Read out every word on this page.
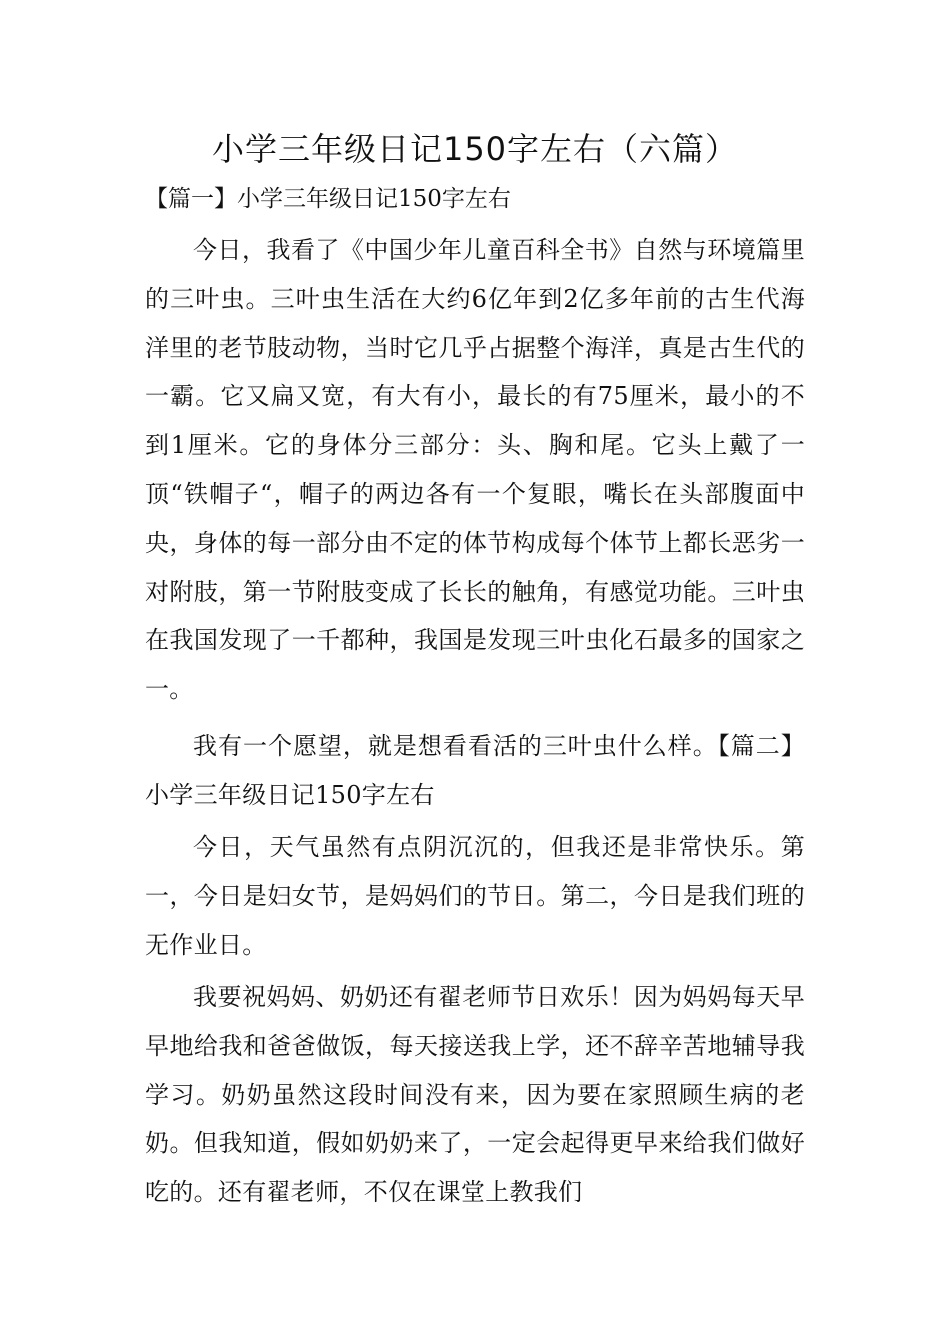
小学三年级日记150字左右（六篇）

【篇一】小学三年级日记150字左右

今日，我看了《中国少年儿童百科全书》自然与环境篇里的三叶虫。三叶虫生活在大约6亿年到2亿多年前的古生代海洋里的老节肢动物，当时它几乎占据整个海洋，真是古生代的一霸。它又扁又宽，有大有小，最长的有75厘米，最小的不到1厘米。它的身体分三部分：头、胸和尾。它头上戴了一顶“铁帽子“，帽子的两边各有一个复眼，嘴长在头部腹面中央，身体的每一部分由不定的体节构成每个体节上都长恶劣一对附肢，第一节附肢变成了长长的触角，有感觉功能。三叶虫在我国发现了一千都种，我国是发现三叶虫化石最多的国家之一。

我有一个愿望，就是想看看活的三叶虫什么样。【篇二】小学三年级日记150字左右

今日，天气虽然有点阴沉沉的，但我还是非常快乐。第一，今日是妇女节，是妈妈们的节日。第二，今日是我们班的无作业日。

我要祝妈妈、奶奶还有翟老师节日欢乐！因为妈妈每天早早地给我和爸爸做饭，每天接送我上学，还不辞辛苦地辅导我学习。奶奶虽然这段时间没有来，因为要在家照顾生病的老奶。但我知道，假如奶奶来了，一定会起得更早来给我们做好吃的。还有翟老师，不仅在课堂上教我们
